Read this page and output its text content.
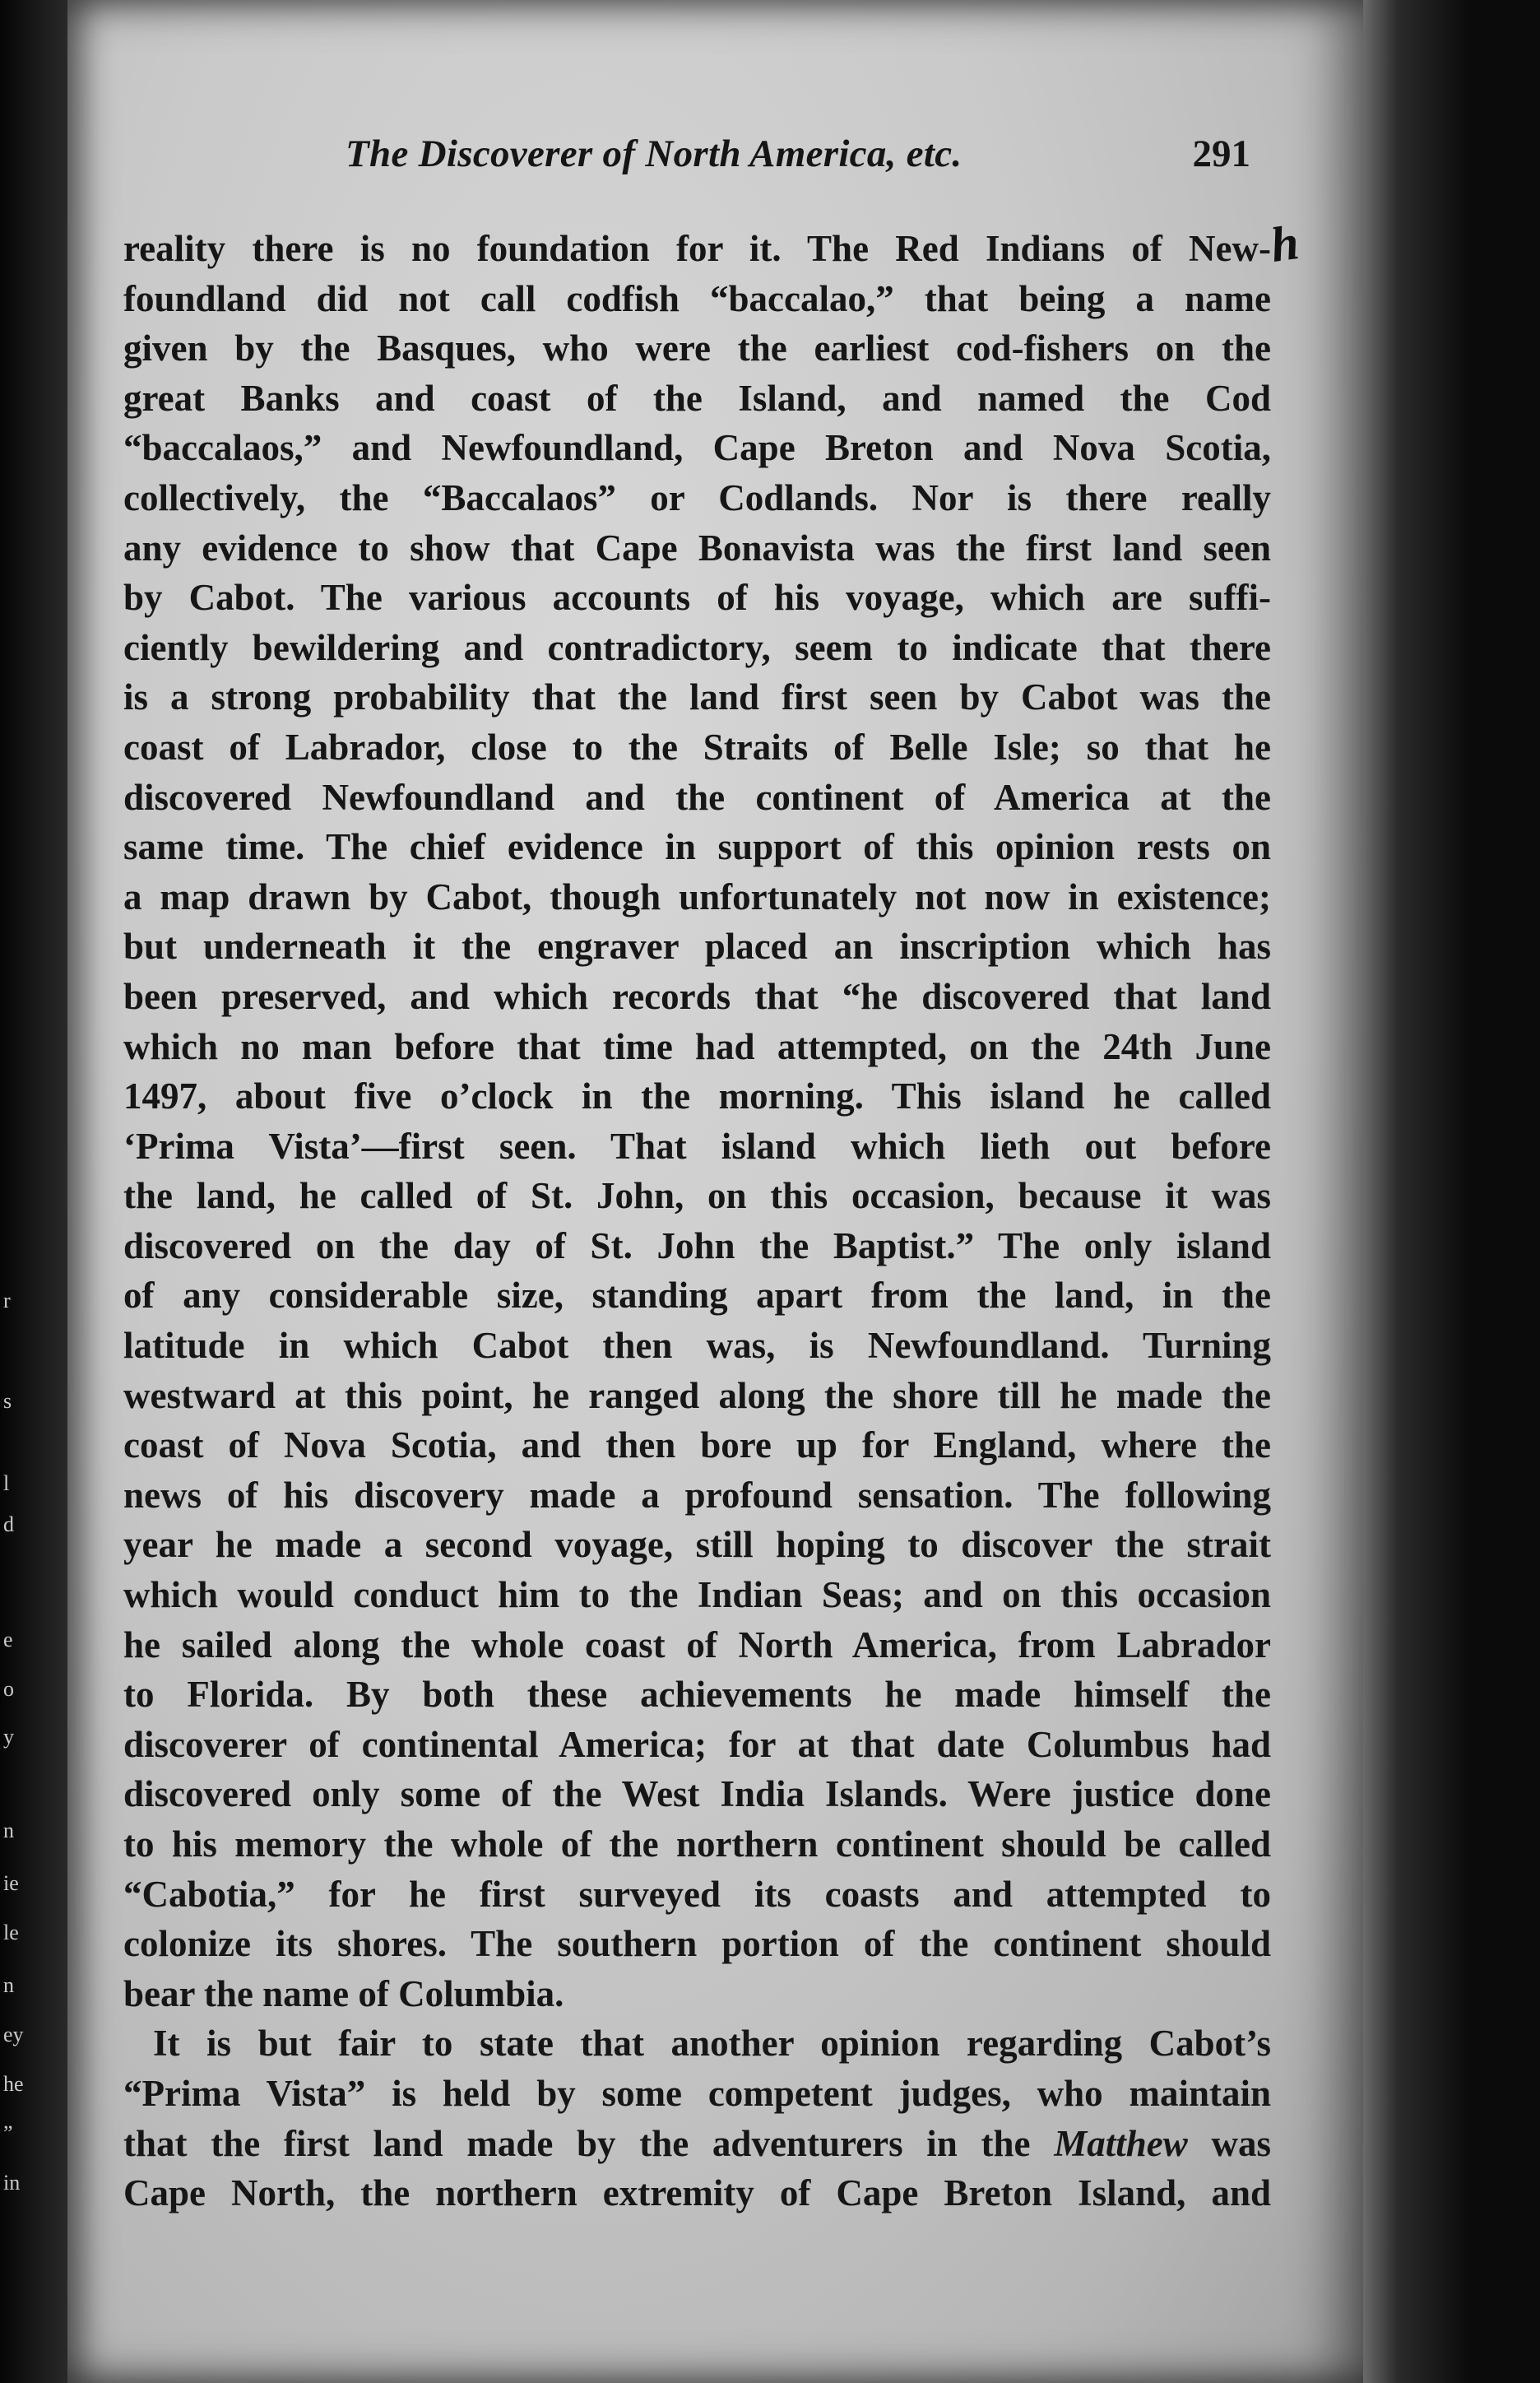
r
s
l
d
e
o
y
n
ie
le
n
ey
he
”
in
The Discoverer of North America, etc.	291
h
reality there is no foundation for it. The Red Indians of New-
foundland did not call codfish “baccalao,” that being a name
given by the Basques, who were the earliest cod-fishers on the
great Banks and coast of the Island, and named the Cod
“baccalaos,” and Newfoundland, Cape Breton and Nova Scotia,
collectively, the “Baccalaos” or Codlands. Nor is there really
any evidence to show that Cape Bonavista was the first land seen
by Cabot. The various accounts of his voyage, which are suffi-
ciently bewildering and contradictory, seem to indicate that there
is a strong probability that the land first seen by Cabot was the
coast of Labrador, close to the Straits of Belle Isle; so that he
discovered Newfoundland and the continent of America at the
same time. The chief evidence in support of this opinion rests on
a map drawn by Cabot, though unfortunately not now in existence;
but underneath it the engraver placed an inscription which has
been preserved, and which records that “he discovered that land
which no man before that time had attempted, on the 24th June
1497, about five o’clock in the morning. This island he called
‘Prima Vista’—first seen. That island which lieth out before
the land, he called of St. John, on this occasion, because it was
discovered on the day of St. John the Baptist.” The only island
of any considerable size, standing apart from the land, in the
latitude in which Cabot then was, is Newfoundland. Turning
westward at this point, he ranged along the shore till he made the
coast of Nova Scotia, and then bore up for England, where the
news of his discovery made a profound sensation. The following
year he made a second voyage, still hoping to discover the strait
which would conduct him to the Indian Seas; and on this occasion
he sailed along the whole coast of North America, from Labrador
to Florida. By both these achievements he made himself the
discoverer of continental America; for at that date Columbus had
discovered only some of the West India Islands. Were justice done
to his memory the whole of the northern continent should be called
“Cabotia,” for he first surveyed its coasts and attempted to
colonize its shores. The southern portion of the continent should
bear the name of Columbia.
It is but fair to state that another opinion regarding Cabot’s
“Prima Vista” is held by some competent judges, who maintain
that the first land made by the adventurers in the Matthew was
Cape North, the northern extremity of Cape Breton Island, and
